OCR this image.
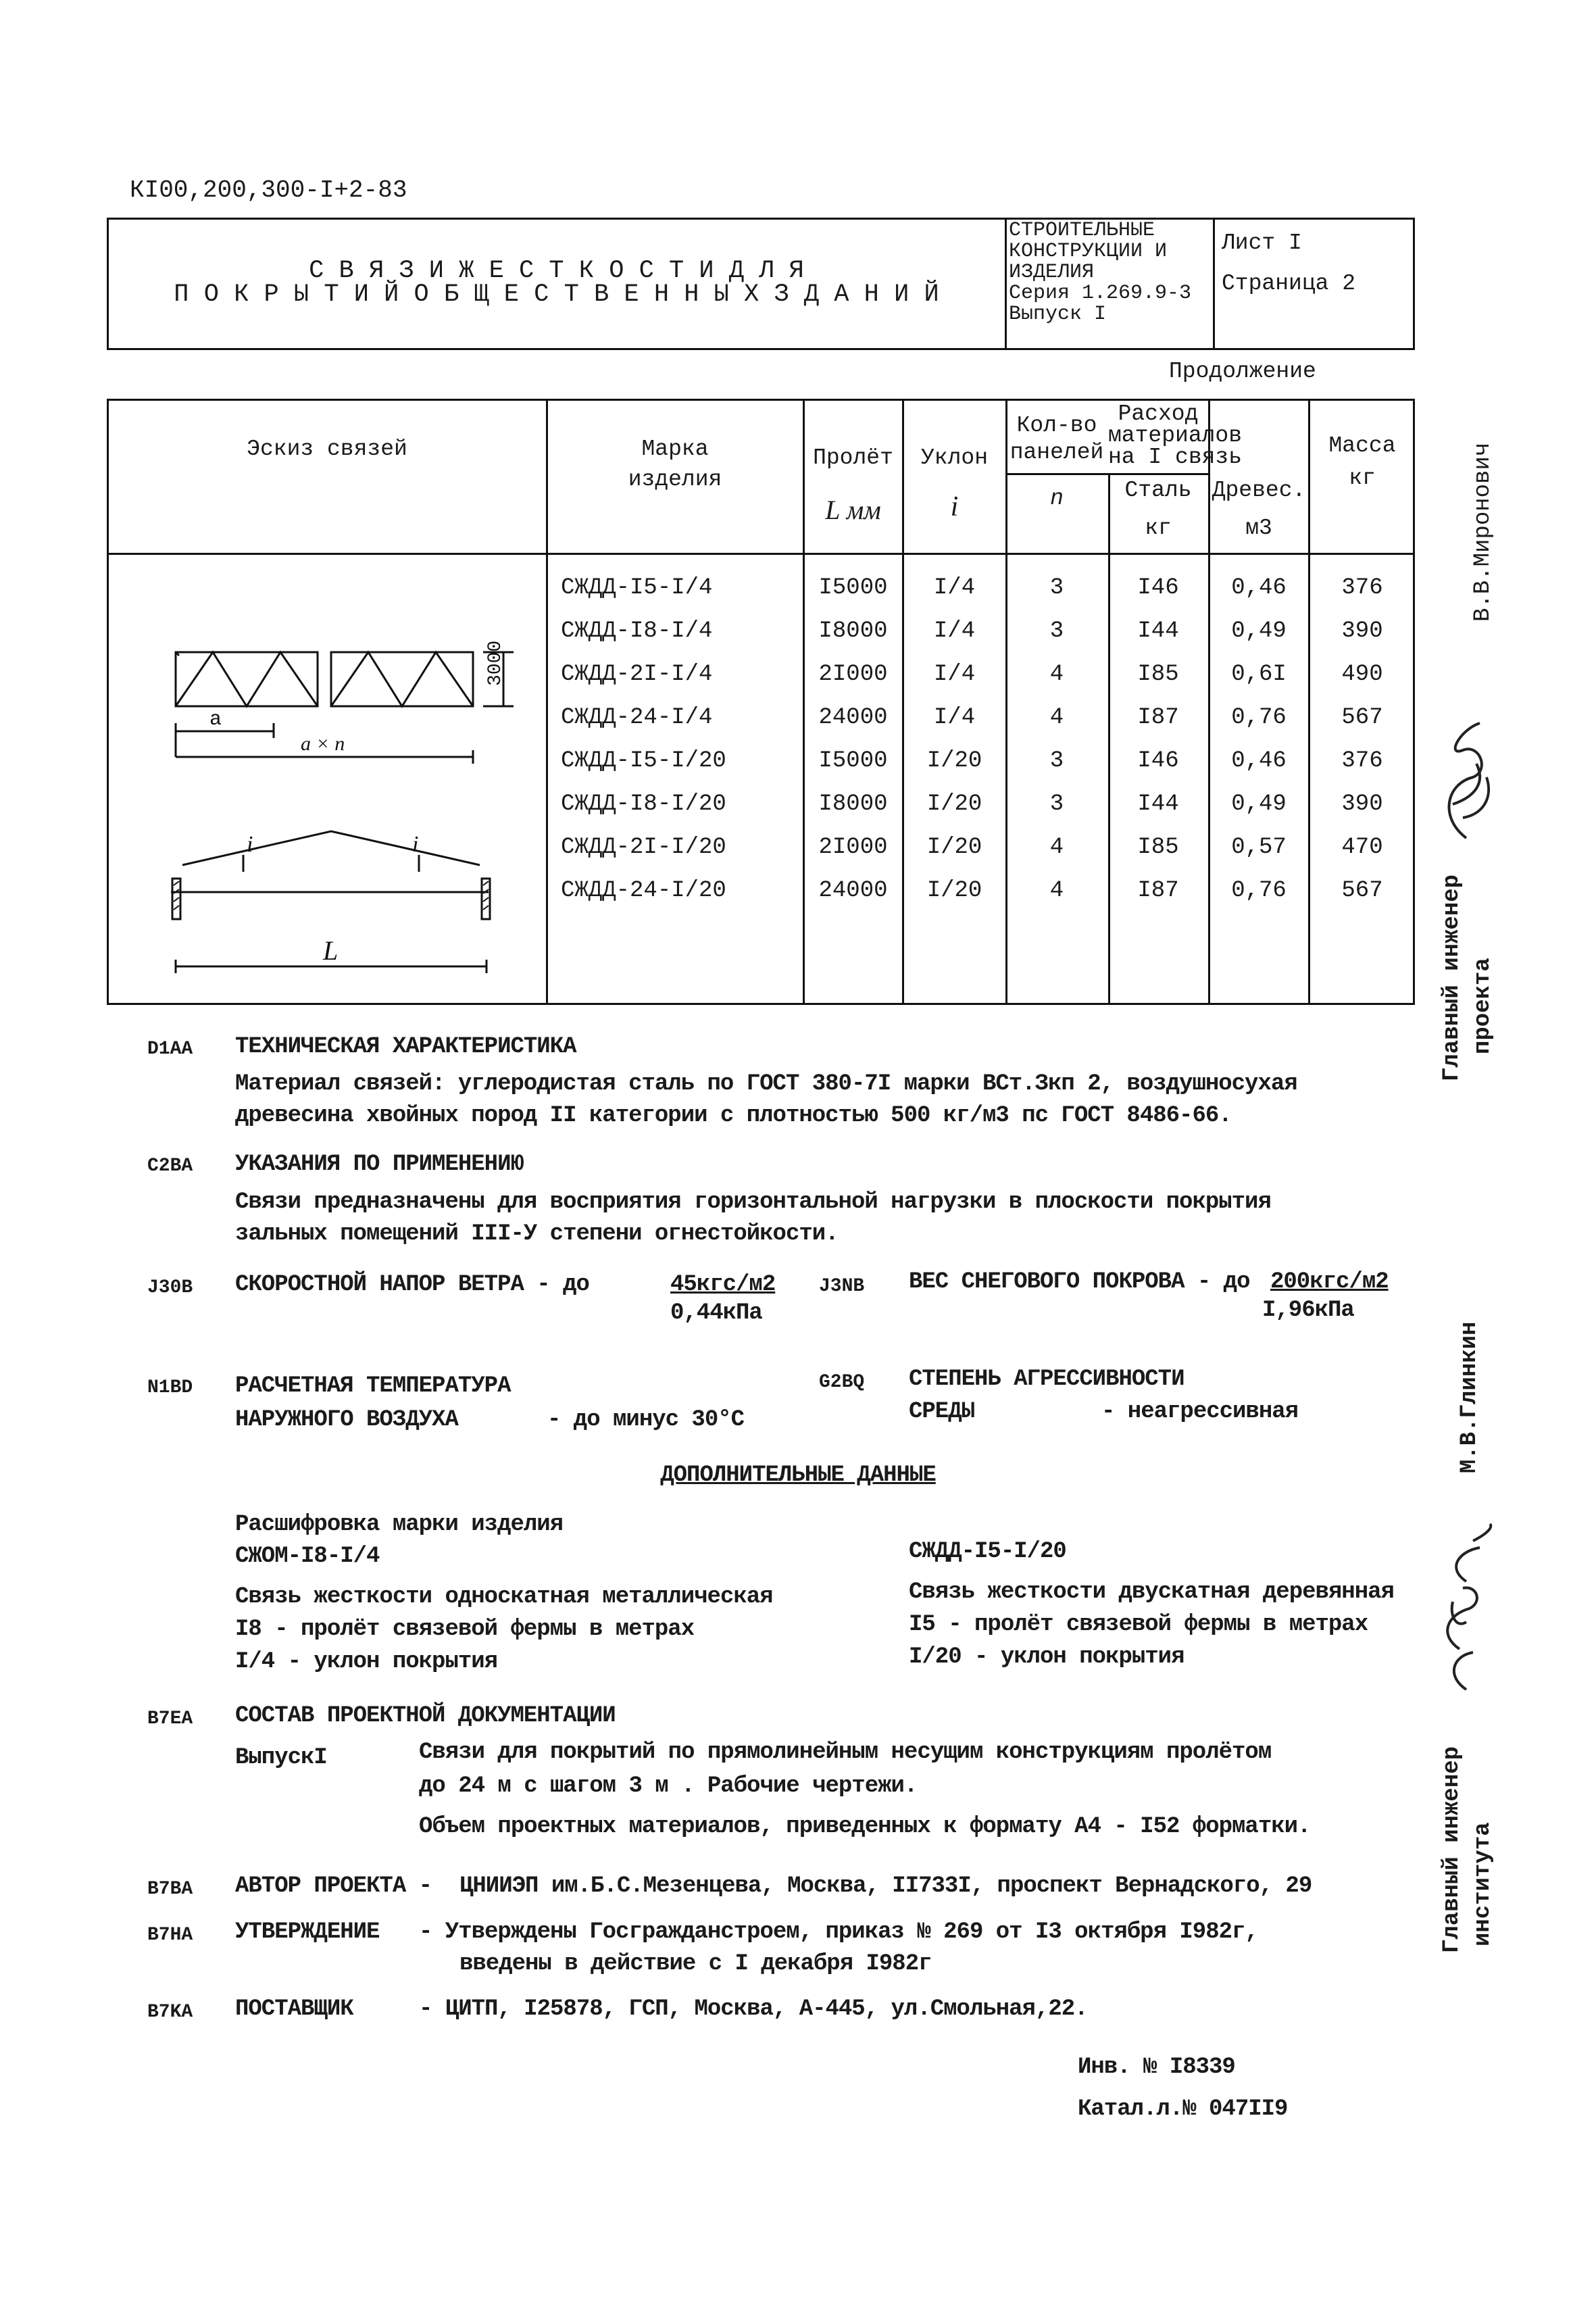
КI00,200,300-I+2-83
С В Я З И Ж Е С Т К О С Т И Д Л Я
П О К Р Ы Т И Й О Б Щ Е С Т В Е Н Н Ы Х З Д А Н И Й
СТРОИТЕЛЬНЫЕ
КОНСТРУКЦИИ И
ИЗДЕЛИЯ
Серия 1.269.9-3
Выпуск I
Лист I
Страница 2
Продолжение
Эскиз связей	Марка
изделия
Пролёт
L мм
Уклон
i
Кол-во
панелей
n
Расход
материалов
на I связь
Сталь
кг
Древес.
м3
Масса
кг
СЖДД-I5-I/4	I5000	I/4	3	I46	0,46	376
СЖДД-I8-I/4	I8000	I/4	3	I44	0,49	390
СЖДД-2I-I/4	2I000	I/4	4	I85	0,6I	490
СЖДД-24-I/4	24000	I/4	4	I87	0,76	567
СЖДД-I5-I/20	I5000	I/20	3	I46	0,46	376
СЖДД-I8-I/20	I8000	I/20	3	I44	0,49	390
СЖДД-2I-I/20	2I000	I/20	4	I85	0,57	470
СЖДД-24-I/20	24000	I/20	4	I87	0,76	567
3000
а
а × n
i	i
L
D1AA ТЕХНИЧЕСКАЯ ХАРАКТЕРИСТИКА
Материал связей: углеродистая сталь по ГОСТ 380-7I марки ВСт.Зкп 2, воздушносухая
древесина хвойных пород II категории с плотностью 500 кг/м3 пс ГОСТ 8486-66.
C2BA УКАЗАНИЯ ПО ПРИМЕНЕНИЮ
Связи предназначены для восприятия горизонтальной нагрузки в плоскости покрытия
зальных помещений III-У степени огнестойкости.
J30B СКОРОСТНОЙ НАПОР ВЕТРА - до	45кгс/м2
0,44кПа
J3NB ВЕС СНЕГОВОГО ПОКРОВА - до 200кгс/м2
I,96кПа
N1BD РАСЧЕТНАЯ ТЕМПЕРАТУРА
НАРУЖНОГО ВОЗДУХА	- до минус 30°С
G2BQ СТЕПЕНЬ АГРЕССИВНОСТИ
СРЕДЫ	- неагрессивная
ДОПОЛНИТЕЛЬНЫЕ ДАННЫЕ
Расшифровка марки изделия
СЖОМ-I8-I/4
Связь жесткости односкатная металлическая
I8 - пролёт связевой фермы в метрах
I/4 - уклон покрытия
СЖДД-I5-I/20
Связь жесткости двускатная деревянная
I5 - пролёт связевой фермы в метрах
I/20 - уклон покрытия
B7EA СОСТАВ ПРОЕКТНОЙ ДОКУМЕНТАЦИИ
ВыпускI	Связи для покрытий по прямолинейным несущим конструкциям пролётом
до 24 м с шагом 3 м . Рабочие чертежи.
Объем проектных материалов, приведенных к формату А4 - I52 форматки.
B7BA АВТОР ПРОЕКТА - ЦНИИЭП им.Б.С.Мезенцева, Москва, II733I, проспект Вернадского, 29
B7HA УТВЕРЖДЕНИЕ - Утверждены Госгражданстроем, приказ № 269 от I3 октября I982г,
введены в действие с I декабря I982г
B7KA ПОСТАВЩИК	- ЦИТП, I25878, ГСП, Москва, А-445, ул.Смольная,22.
Инв. № I8339
Катал.л.№ 047II9
В.В.Миронович
Главный инженер проекта
М.В.Глинкин
Главный инженер института
